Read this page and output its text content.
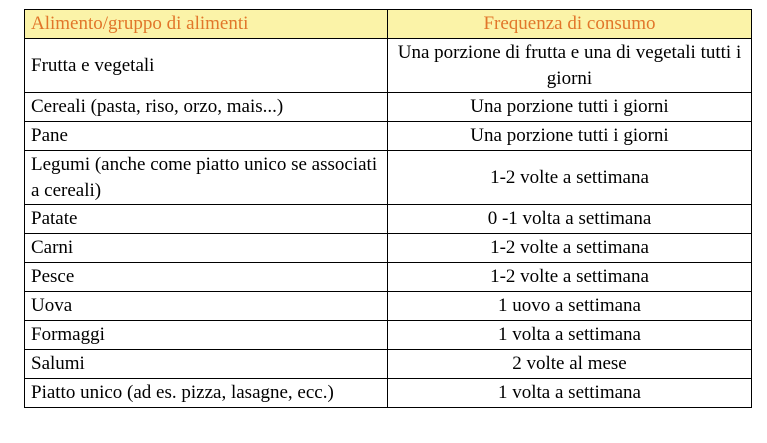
Alimento/gruppo di alimenti	Frequenza di consumo
Frutta e vegetali	Una porzione di frutta e una di vegetali tutti i giorni
Cereali (pasta, riso, orzo, mais...)	Una porzione tutti i giorni
Pane	Una porzione tutti i giorni
Legumi (anche come piatto unico se associati a cereali)	1-2 volte a settimana
Patate	0 -1 volta a settimana
Carni	1-2 volte a settimana
Pesce	1-2 volte a settimana
Uova	1 uovo a settimana
Formaggi	1 volta a settimana
Salumi	2 volte al mese
Piatto unico (ad es. pizza, lasagne, ecc.)	1 volta a settimana
